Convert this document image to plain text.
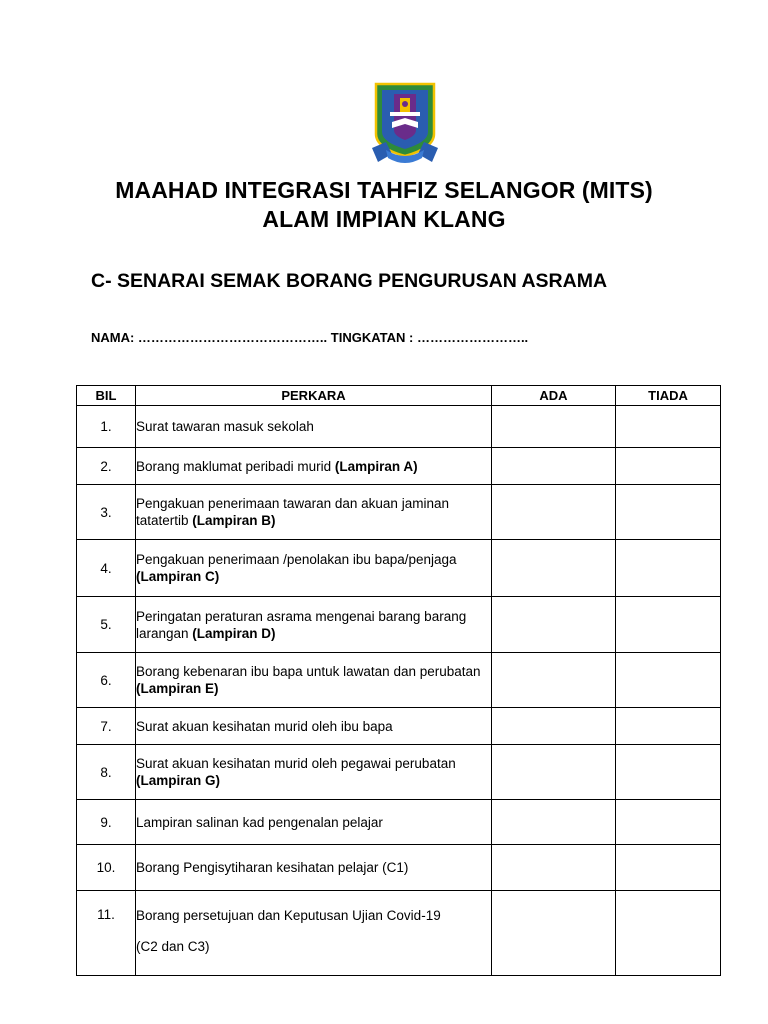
MAAHAD INTEGRASI TAHFIZ SELANGOR (MITS)
ALAM IMPIAN KLANG
C- SENARAI SEMAK BORANG PENGURUSAN ASRAMA
NAMA: …………………………………….. TINGKATAN : ……………………..
BIL	PERKARA	ADA	TIADA
1.	Surat tawaran masuk sekolah		
2.	Borang maklumat peribadi murid (Lampiran A)		
3.	Pengakuan penerimaan tawaran dan akuan jaminan tatatertib (Lampiran B)		
4.	Pengakuan penerimaan /penolakan ibu bapa/penjaga (Lampiran C)		
5.	Peringatan peraturan asrama mengenai barang barang larangan (Lampiran D)		
6.	Borang kebenaran ibu bapa untuk lawatan dan perubatan (Lampiran E)		
7.	Surat akuan kesihatan murid oleh ibu bapa		
8.	Surat akuan kesihatan murid oleh pegawai perubatan (Lampiran G)		
9.	Lampiran salinan kad pengenalan pelajar		
10.	Borang Pengisytiharan kesihatan pelajar (C1)		
11.	Borang persetujuan dan Keputusan Ujian Covid-19
(C2 dan C3)		
